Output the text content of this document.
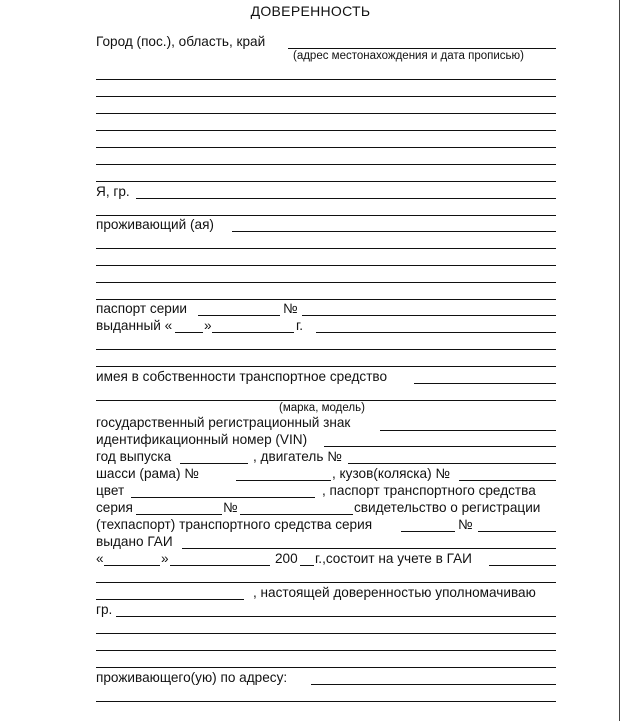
ДОВЕРЕННОСТЬ
Город (пос.), область, край
(адрес местонахождения и дата прописью)
Я, гр.
проживающий (ая)
паспорт серии	№
выданный « »	г.
имея в собственности транспортное средство
(марка, модель)
государственный регистрационный знак
идентификационный номер (VIN)
год выпуска	, двигатель №
шасси (рама) №	, кузов(коляска) №
цвет	, паспорт транспортного средства
серия	№	свидетельство о регистрации
(техпаспорт) транспортного средства серия	№
выдано ГАИ
«	»	200 г.,состоит на учете в ГАИ
, настоящей доверенностью уполномачиваю
гр.
проживающего(ую) по адресу:
